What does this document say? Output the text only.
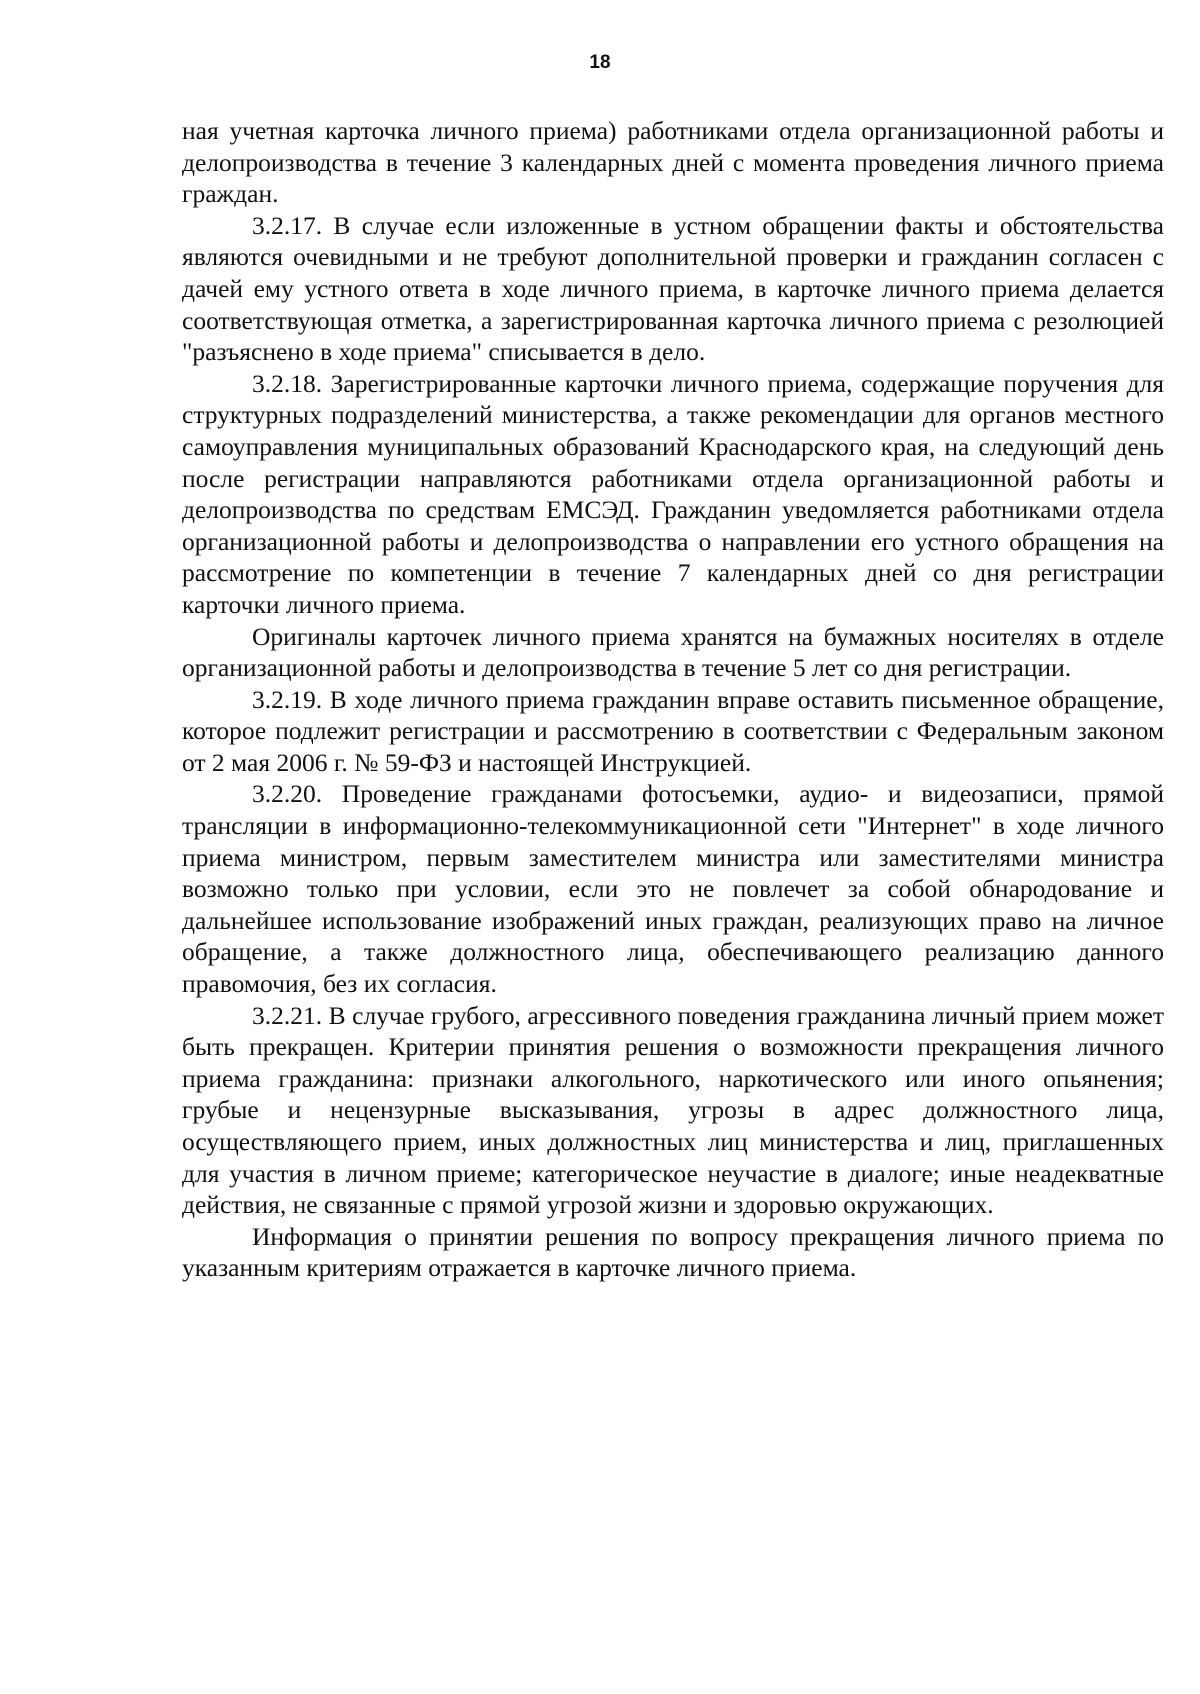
18

ная учетная карточка личного приема) работниками отдела организационной работы и делопроизводства в течение 3 календарных дней с момента проведения личного приема граждан.

3.2.17. В случае если изложенные в устном обращении факты и обстоятельства являются очевидными и не требуют дополнительной проверки и гражданин согласен с дачей ему устного ответа в ходе личного приема, в карточке личного приема делается соответствующая отметка, а зарегистрированная карточка личного приема с резолюцией "разъяснено в ходе приема" списывается в дело.

3.2.18. Зарегистрированные карточки личного приема, содержащие поручения для структурных подразделений министерства, а также рекомендации для органов местного самоуправления муниципальных образований Краснодарского края, на следующий день после регистрации направляются работниками отдела организационной работы и делопроизводства по средствам ЕМСЭД. Гражданин уведомляется работниками отдела организационной работы и делопроизводства о направлении его устного обращения на рассмотрение по компетенции в течение 7 календарных дней со дня регистрации карточки личного приема.

Оригиналы карточек личного приема хранятся на бумажных носителях в отделе организационной работы и делопроизводства в течение 5 лет со дня регистрации.

3.2.19. В ходе личного приема гражданин вправе оставить письменное обращение, которое подлежит регистрации и рассмотрению в соответствии с Федеральным законом от 2 мая 2006 г. № 59-ФЗ и настоящей Инструкцией.

3.2.20. Проведение гражданами фотосъемки, аудио- и видеозаписи, прямой трансляции в информационно-телекоммуникационной сети "Интернет" в ходе личного приема министром, первым заместителем министра или заместителями министра возможно только при условии, если это не повлечет за собой обнародование и дальнейшее использование изображений иных граждан, реализующих право на личное обращение, а также должностного лица, обеспечивающего реализацию данного правомочия, без их согласия.

3.2.21. В случае грубого, агрессивного поведения гражданина личный прием может быть прекращен. Критерии принятия решения о возможности прекращения личного приема гражданина: признаки алкогольного, наркотического или иного опьянения; грубые и нецензурные высказывания, угрозы в адрес должностного лица, осуществляющего прием, иных должностных лиц министерства и лиц, приглашенных для участия в личном приеме; категорическое неучастие в диалоге; иные неадекватные действия, не связанные с прямой угрозой жизни и здоровью окружающих.

Информация о принятии решения по вопросу прекращения личного приема по указанным критериям отражается в карточке личного приема.
